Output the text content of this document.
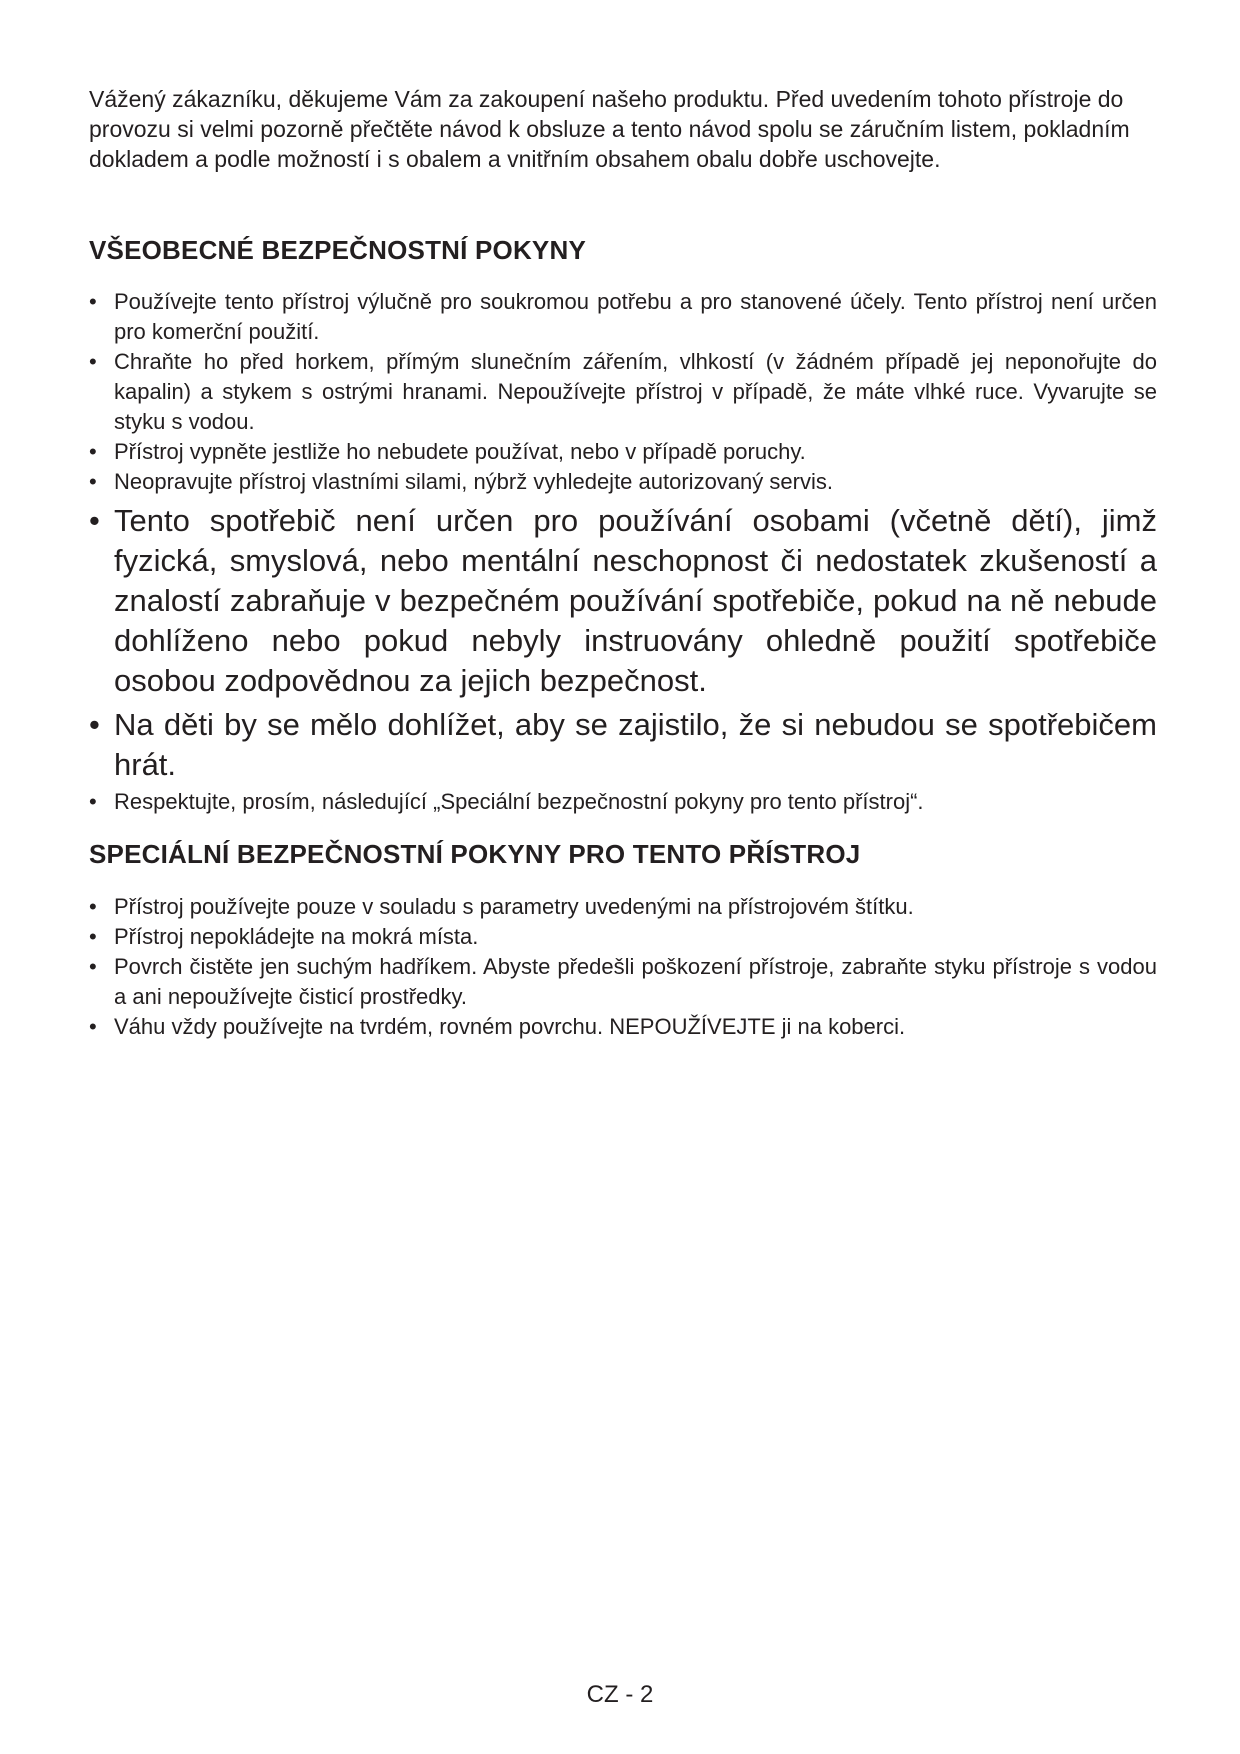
Vážený zákazníku, děkujeme Vám za zakoupení našeho produktu. Před uvedením tohoto přístroje do provozu si velmi pozorně přečtěte návod k obsluze a tento návod spolu se záručním listem, pokladním dokladem a podle možností i s obalem a vnitřním obsahem obalu dobře uschovejte.

VŠEOBECNÉ BEZPEČNOSTNÍ POKYNY
• Používejte tento přístroj výlučně pro soukromou potřebu a pro stanovené účely. Tento přístroj není určen pro komerční použití.
• Chraňte ho před horkem, přímým slunečním zářením, vlhkostí (v žádném případě jej neponořujte do kapalin) a stykem s ostrými hranami. Nepoužívejte přístroj v případě, že máte vlhké ruce. Vyvarujte se styku s vodou.
• Přístroj vypněte jestliže ho nebudete používat, nebo v případě poruchy.
• Neopravujte přístroj vlastními silami, nýbrž vyhledejte autorizovaný servis.
• Tento spotřebič není určen pro používání osobami (včetně dětí), jimž fyzická, smyslová, nebo mentální neschopnost či nedostatek zkušeností a znalostí zabraňuje v bezpečném používání spotřebiče, pokud na ně nebude dohlíženo nebo pokud nebyly instruovány ohledně použití spotřebiče osobou zodpovědnou za jejich bezpečnost.
• Na děti by se mělo dohlížet, aby se zajistilo, že si nebudou se spotřebičem hrát.
• Respektujte, prosím, následující „Speciální bezpečnostní pokyny pro tento přístroj“.
SPECIÁLNÍ BEZPEČNOSTNÍ POKYNY PRO TENTO PŘÍSTROJ
• Přístroj používejte pouze v souladu s parametry uvedenými na přístrojovém štítku.
• Přístroj nepokládejte na mokrá místa.
• Povrch čistěte jen suchým hadříkem. Abyste předešli poškození přístroje, zabraňte styku přístroje s vodou a ani nepoužívejte čisticí prostředky.
• Váhu vždy používejte na tvrdém, rovném povrchu. NEPOUŽÍVEJTE ji na koberci.
CZ - 2
